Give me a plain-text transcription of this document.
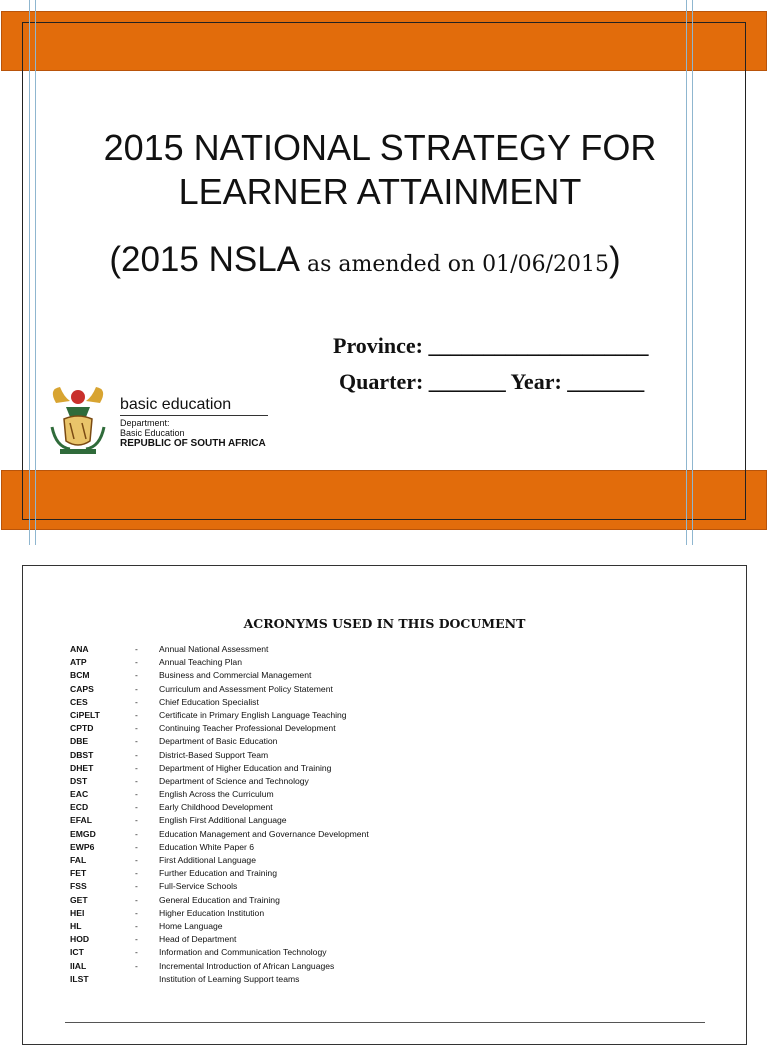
2015 NATIONAL STRATEGY FOR
LEARNER ATTAINMENT
(2015 NSLA as amended on 01/06/2015)
Province: ____________________
Quarter: _______ Year: _______
basic education
Department:
Basic Education
REPUBLIC OF SOUTH AFRICA
ACRONYMS USED IN THIS DOCUMENT
ANA	- Annual National Assessment
ATP	- Annual Teaching Plan
BCM	- Business and Commercial Management
CAPS	- Curriculum and Assessment Policy Statement
CES	- Chief Education Specialist
CiPELT	- Certificate in Primary English Language Teaching
CPTD	- Continuing Teacher Professional Development
DBE	- Department of Basic Education
DBST	- District-Based Support Team
DHET	- Department of Higher Education and Training
DST	- Department of Science and Technology
EAC	- English Across the Curriculum
ECD	- Early Childhood Development
EFAL	- English First Additional Language
EMGD	- Education Management and Governance Development
EWP6	- Education White Paper 6
FAL	- First Additional Language
FET	- Further Education and Training
FSS	- Full-Service Schools
GET	- General Education and Training
HEI	- Higher Education Institution
HL	- Home Language
HOD	- Head of Department
ICT	- Information and Communication Technology
IIAL	- Incremental Introduction of African Languages
ILST	Institution of Learning Support teams
